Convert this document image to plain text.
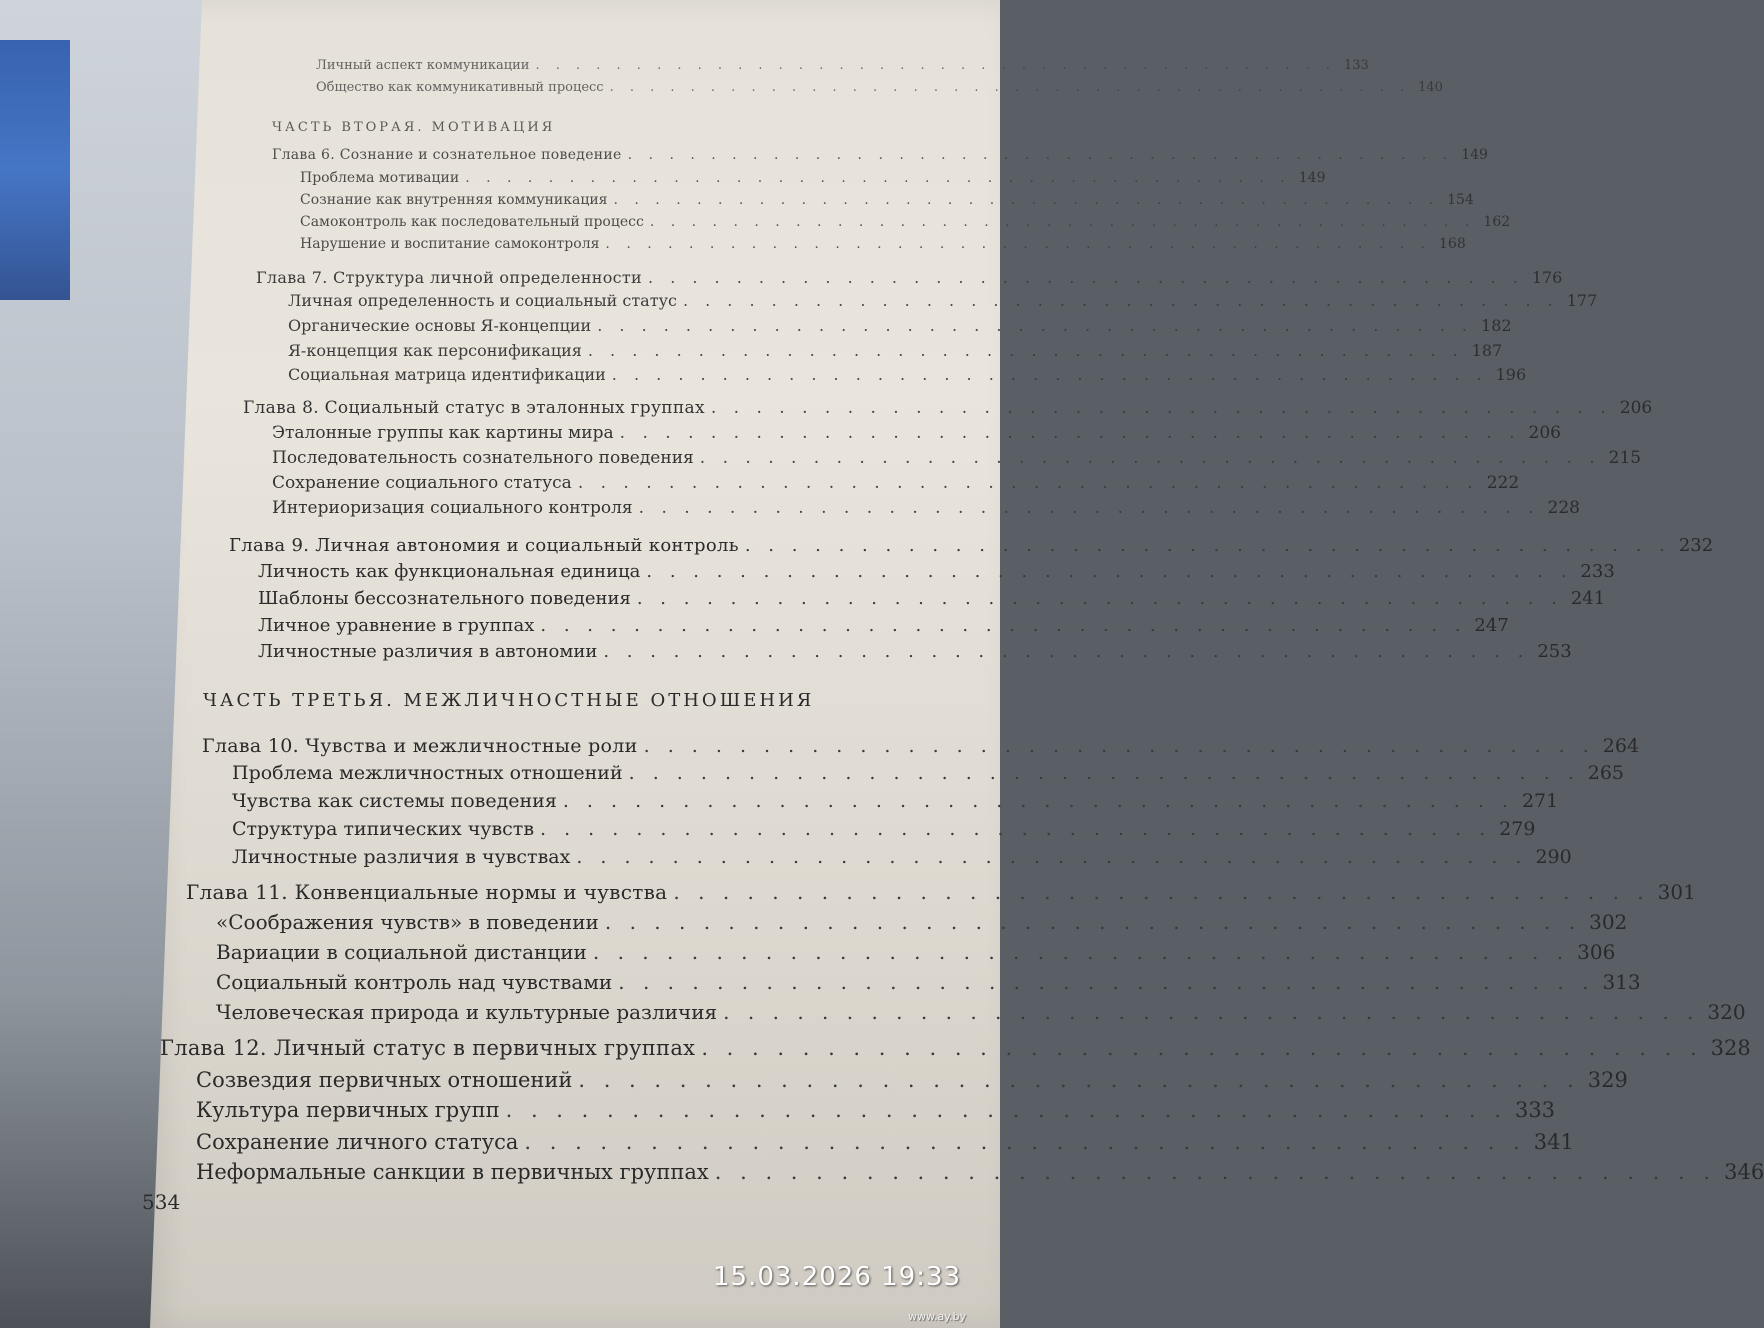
ЧАСТЬ ВТОРАЯ. МОТИВАЦИЯ
ЧАСТЬ ТРЕТЬЯ. МЕЖЛИЧНОСТНЫЕ ОТНОШЕНИЯ
Личный аспект коммуникации . . . . . . . . . . . . . . . . . . . . . . . . . . . . . . . . . . . . . . . . 133
Общество как коммуникативный процесс . . . . . . . . . . . . . . . . . . . . . . . . . . . . . . . . . . . . . . . . 140
Глава 6. Сознание и сознательное поведение . . . . . . . . . . . . . . . . . . . . . . . . . . . . . . . . . . . . . . . . 149
Проблема мотивации . . . . . . . . . . . . . . . . . . . . . . . . . . . . . . . . . . . . . . . . 149
Сознание как внутренняя коммуникация . . . . . . . . . . . . . . . . . . . . . . . . . . . . . . . . . . . . . . . . 154
Самоконтроль как последовательный процесс . . . . . . . . . . . . . . . . . . . . . . . . . . . . . . . . . . . . . . . . 162
Нарушение и воспитание самоконтроля . . . . . . . . . . . . . . . . . . . . . . . . . . . . . . . . . . . . . . . . 168
Глава 7. Структура личной определенности . . . . . . . . . . . . . . . . . . . . . . . . . . . . . . . . . . . . . . . . 176
Личная определенность и социальный статус . . . . . . . . . . . . . . . . . . . . . . . . . . . . . . . . . . . . . . . . 177
Органические основы Я-концепции . . . . . . . . . . . . . . . . . . . . . . . . . . . . . . . . . . . . . . . . 182
Я-концепция как персонификация . . . . . . . . . . . . . . . . . . . . . . . . . . . . . . . . . . . . . . . . 187
Социальная матрица идентификации . . . . . . . . . . . . . . . . . . . . . . . . . . . . . . . . . . . . . . . . 196
Глава 8. Социальный статус в эталонных группах . . . . . . . . . . . . . . . . . . . . . . . . . . . . . . . . . . . . . . . . 206
Эталонные группы как картины мира . . . . . . . . . . . . . . . . . . . . . . . . . . . . . . . . . . . . . . . . 206
Последовательность сознательного поведения . . . . . . . . . . . . . . . . . . . . . . . . . . . . . . . . . . . . . . . . 215
Сохранение социального статуса . . . . . . . . . . . . . . . . . . . . . . . . . . . . . . . . . . . . . . . . 222
Интериоризация социального контроля . . . . . . . . . . . . . . . . . . . . . . . . . . . . . . . . . . . . . . . . 228
Глава 9. Личная автономия и социальный контроль . . . . . . . . . . . . . . . . . . . . . . . . . . . . . . . . . . . . . . . . 232
Личность как функциональная единица . . . . . . . . . . . . . . . . . . . . . . . . . . . . . . . . . . . . . . . . 233
Шаблоны бессознательного поведения . . . . . . . . . . . . . . . . . . . . . . . . . . . . . . . . . . . . . . . . 241
Личное уравнение в группах . . . . . . . . . . . . . . . . . . . . . . . . . . . . . . . . . . . . . . . . 247
Личностные различия в автономии . . . . . . . . . . . . . . . . . . . . . . . . . . . . . . . . . . . . . . . . 253
Глава 10. Чувства и межличностные роли . . . . . . . . . . . . . . . . . . . . . . . . . . . . . . . . . . . . . . . . 264
Проблема межличностных отношений . . . . . . . . . . . . . . . . . . . . . . . . . . . . . . . . . . . . . . . . 265
Чувства как системы поведения . . . . . . . . . . . . . . . . . . . . . . . . . . . . . . . . . . . . . . . . 271
Структура типических чувств . . . . . . . . . . . . . . . . . . . . . . . . . . . . . . . . . . . . . . . . 279
Личностные различия в чувствах . . . . . . . . . . . . . . . . . . . . . . . . . . . . . . . . . . . . . . . . 290
Глава 11. Конвенциальные нормы и чувства . . . . . . . . . . . . . . . . . . . . . . . . . . . . . . . . . . . . . . . . 301
«Соображения чувств» в поведении . . . . . . . . . . . . . . . . . . . . . . . . . . . . . . . . . . . . . . . . 302
Вариации в социальной дистанции . . . . . . . . . . . . . . . . . . . . . . . . . . . . . . . . . . . . . . . . 306
Социальный контроль над чувствами . . . . . . . . . . . . . . . . . . . . . . . . . . . . . . . . . . . . . . . . 313
Человеческая природа и культурные различия . . . . . . . . . . . . . . . . . . . . . . . . . . . . . . . . . . . . . . . . 320
Глава 12. Личный статус в первичных группах . . . . . . . . . . . . . . . . . . . . . . . . . . . . . . . . . . . . . . . . 328
Созвездия первичных отношений . . . . . . . . . . . . . . . . . . . . . . . . . . . . . . . . . . . . . . . . 329
Культура первичных групп . . . . . . . . . . . . . . . . . . . . . . . . . . . . . . . . . . . . . . . . 333
Сохранение личного статуса . . . . . . . . . . . . . . . . . . . . . . . . . . . . . . . . . . . . . . . . 341
Неформальные санкции в первичных группах . . . . . . . . . . . . . . . . . . . . . . . . . . . . . . . . . . . . . . . . 346
534
15.03.2026 19:33
www.ay.by
